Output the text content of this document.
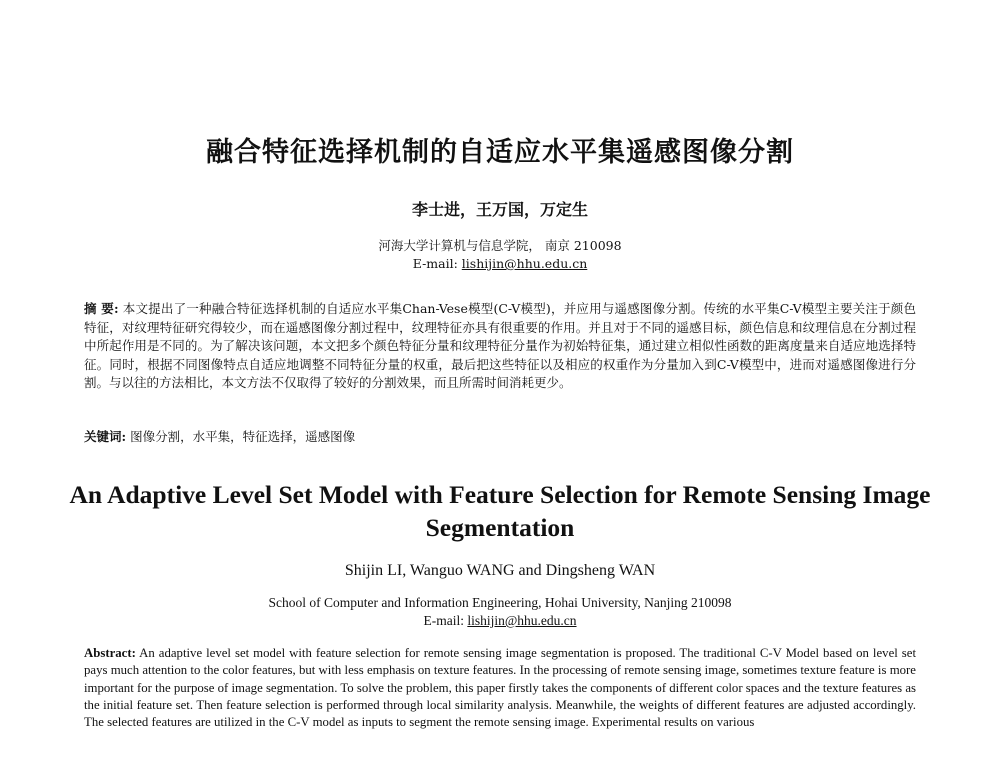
融合特征选择机制的自适应水平集遥感图像分割
李士进，王万国，万定生
河海大学计算机与信息学院， 南京 210098
E-mail: lishijin@hhu.edu.cn
摘 要: 本文提出了一种融合特征选择机制的自适应水平集Chan-Vese模型(C-V模型)，并应用与遥感图像分割。传统的水平集C-V模型主要关注于颜色特征，对纹理特征研究得较少，而在遥感图像分割过程中，纹理特征亦具有很重要的作用。并且对于不同的遥感目标，颜色信息和纹理信息在分割过程中所起作用是不同的。为了解决该问题，本文把多个颜色特征分量和纹理特征分量作为初始特征集，通过建立相似性函数的距离度量来自适应地选择特征。同时，根据不同图像特点自适应地调整不同特征分量的权重，最后把这些特征以及相应的权重作为分量加入到C-V模型中，进而对遥感图像进行分割。与以往的方法相比，本文方法不仅取得了较好的分割效果，而且所需时间消耗更少。
关键词: 图像分割，水平集，特征选择，遥感图像
An Adaptive Level Set Model with Feature Selection for Remote Sensing Image Segmentation
Shijin LI, Wanguo WANG and Dingsheng WAN
School of Computer and Information Engineering, Hohai University, Nanjing 210098
E-mail: lishijin@hhu.edu.cn
Abstract: An adaptive level set model with feature selection for remote sensing image segmentation is proposed. The traditional C-V Model based on level set pays much attention to the color features, but with less emphasis on texture features. In the processing of remote sensing image, sometimes texture feature is more important for the purpose of image segmentation. To solve the problem, this paper firstly takes the components of different color spaces and the texture features as the initial feature set. Then feature selection is performed through local similarity analysis. Meanwhile, the weights of different features are adjusted accordingly. The selected features are utilized in the C-V model as inputs to segment the remote sensing image. Experimental results on various
